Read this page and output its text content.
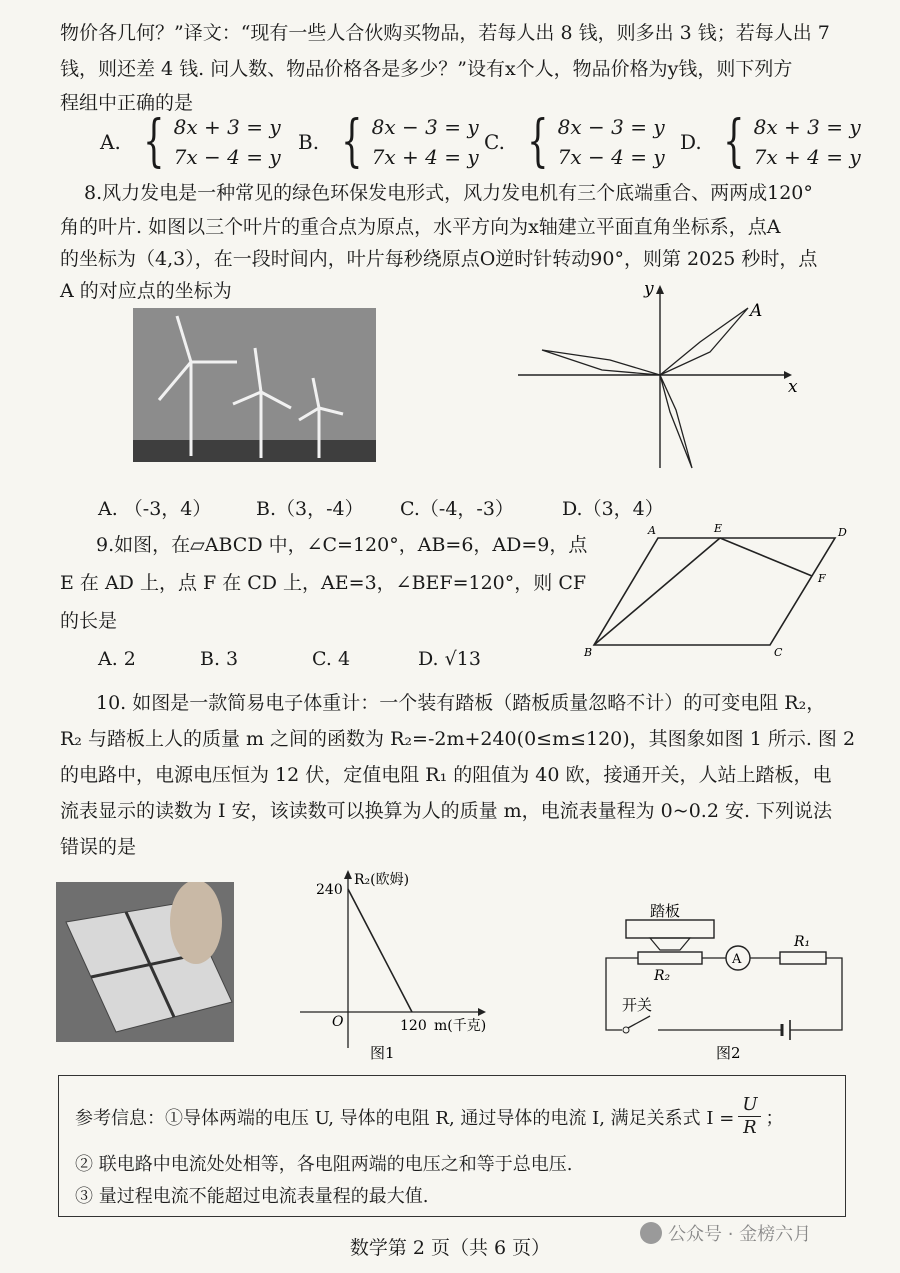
物价各几何？”译文：“现有一些人合伙购买物品，若每人出 8 钱，则多出 3 钱；若每人出 7
钱，则还差 4 钱. 问人数、物品价格各是多少？”设有x个人，物品价格为y钱，则下列方
程组中正确的是
A. { 8x + 3 = y
7x − 4 = y
B. { 8x − 3 = y
7x + 4 = y
C. { 8x − 3 = y
7x − 4 = y
D. { 8x + 3 = y
7x + 4 = y
8.风力发电是一种常见的绿色环保发电形式，风力发电机有三个底端重合、两两成120°
角的叶片. 如图以三个叶片的重合点为原点，水平方向为x轴建立平面直角坐标系，点A
的坐标为（4,3），在一段时间内，叶片每秒绕原点O逆时针转动90°，则第 2025 秒时，点
A 的对应点的坐标为	y
x
A
A. （-3，4） B.（3，-4） C.（-4，-3）	D.（3，4）
9.如图，在▱ABCD 中，∠C=120°，AB=6，AD=9，点
E 在 AD 上，点 F 在 CD 上，AE=3，∠BEF=120°，则 CF
的长是
A. 2	B. 3	C. 4	D. √13
A	E	D
F
B	C
10. 如图是一款简易电子体重计：一个装有踏板（踏板质量忽略不计）的可变电阻 R₂，
R₂ 与踏板上人的质量 m 之间的函数为 R₂=-2m+240(0≤m≤120)，其图象如图 1 所示. 图 2
的电路中，电源电压恒为 12 伏，定值电阻 R₁ 的阻值为 40 欧，接通开关，人站上踏板，电
流表显示的读数为 I 安，该读数可以换算为人的质量 m，电流表量程为 0~0.2 安. 下列说法
错误的是
R₂(欧姆)
240
O	120 m(千克)
图1
踏板
R₂
A
R₁
开关
图2
参考信息：①导体两端的电压 U, 导体的电阻 R, 通过导体的电流 I, 满足关系式 $I = \frac{U}{R}$ ；
② 联电路中电流处处相等，各电阻两端的电压之和等于总电压.
③ 量过程电流不能超过电流表量程的最大值.
公众号 · 金榜六月
数学第 2 页（共 6 页）
